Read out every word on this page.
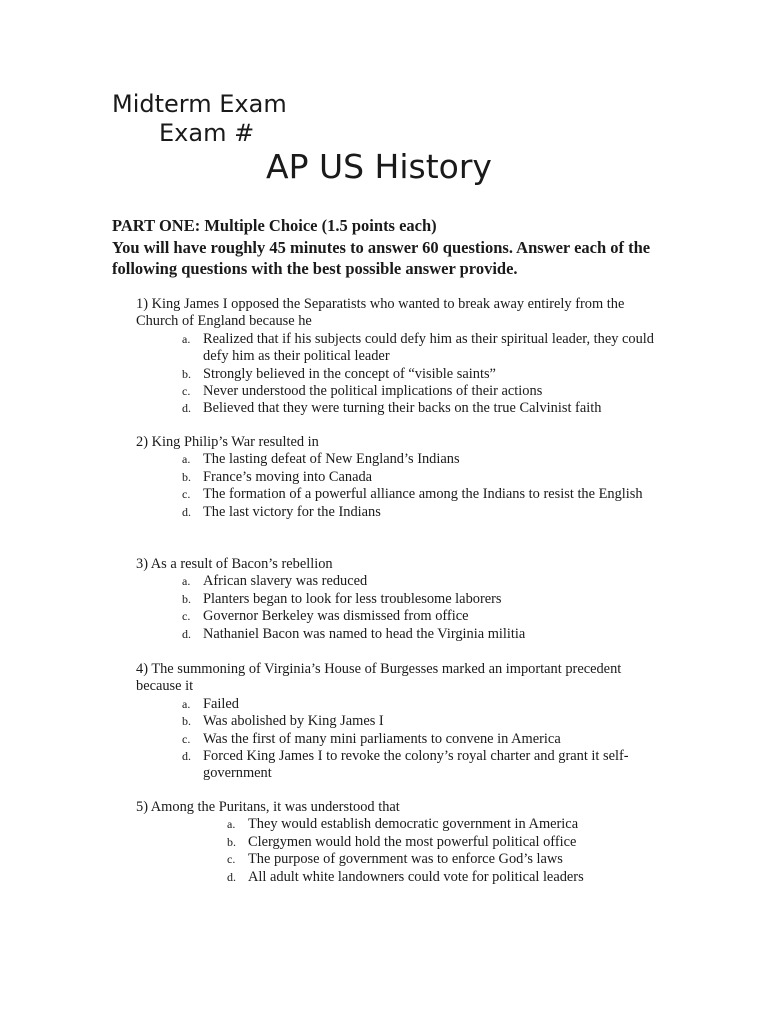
Midterm Exam
Exam #
AP US History
PART ONE: Multiple Choice (1.5 points each)
You will have roughly 45 minutes to answer 60 questions. Answer each of the following questions with the best possible answer provide.
1) King James I opposed the Separatists who wanted to break away entirely from the Church of England because he
a. Realized that if his subjects could defy him as their spiritual leader, they could defy him as their political leader
b. Strongly believed in the concept of “visible saints”
c. Never understood the political implications of their actions
d. Believed that they were turning their backs on the true Calvinist faith
2) King Philip’s War resulted in
a. The lasting defeat of New England’s Indians
b. France’s moving into Canada
c. The formation of a powerful alliance among the Indians to resist the English
d. The last victory for the Indians
3) As a result of Bacon’s rebellion
a. African slavery was reduced
b. Planters began to look for less troublesome laborers
c. Governor Berkeley was dismissed from office
d. Nathaniel Bacon was named to head the Virginia militia
4) The summoning of Virginia’s House of Burgesses marked an important precedent because it
a. Failed
b. Was abolished by King James I
c. Was the first of many mini parliaments to convene in America
d. Forced King James I to revoke the colony’s royal charter and grant it self-government
5) Among the Puritans, it was understood that
a. They would establish democratic government in America
b. Clergymen would hold the most powerful political office
c. The purpose of government was to enforce God’s laws
d. All adult white landowners could vote for political leaders
